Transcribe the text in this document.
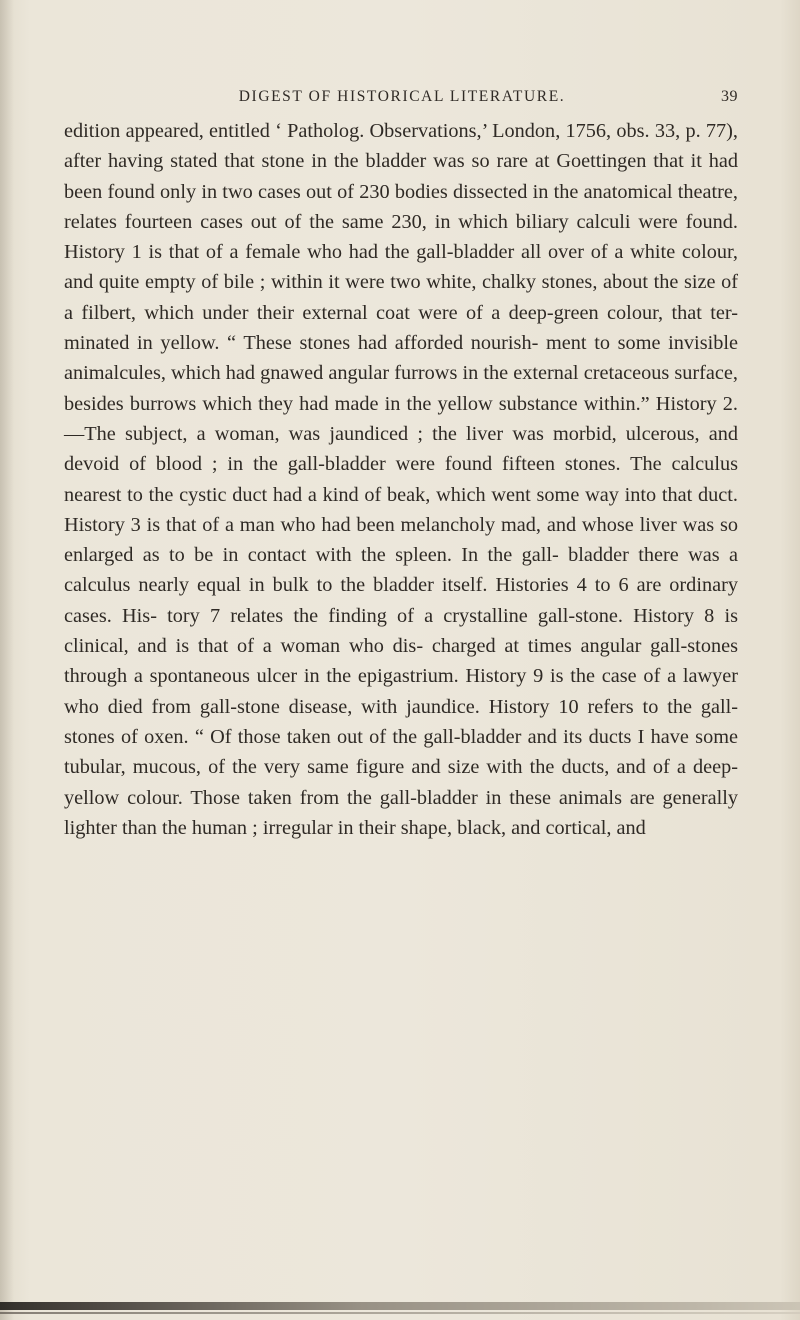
DIGEST OF HISTORICAL LITERATURE.	39

edition appeared, entitled ‘ Patholog. Observations,’ London, 1756, obs. 33, p. 77), after having stated that stone in the bladder was so rare at Goettingen that it had been found only in two cases out of 230 bodies dissected in the anatomical theatre, relates fourteen cases out of the same 230, in which biliary calculi were found. History 1 is that of a female who had the gall-bladder all over of a white colour, and quite empty of bile ; within it were two white, chalky stones, about the size of a filbert, which under their external coat were of a deep-green colour, that ter- minated in yellow. “ These stones had afforded nourish- ment to some invisible animalcules, which had gnawed angular furrows in the external cretaceous surface, besides burrows which they had made in the yellow substance within.” History 2.—The subject, a woman, was jaundiced ; the liver was morbid, ulcerous, and devoid of blood ; in the gall-bladder were found fifteen stones. The calculus nearest to the cystic duct had a kind of beak, which went some way into that duct. History 3 is that of a man who had been melancholy mad, and whose liver was so enlarged as to be in contact with the spleen. In the gall- bladder there was a calculus nearly equal in bulk to the bladder itself. Histories 4 to 6 are ordinary cases. His- tory 7 relates the finding of a crystalline gall-stone. History 8 is clinical, and is that of a woman who dis- charged at times angular gall-stones through a spontaneous ulcer in the epigastrium. History 9 is the case of a lawyer who died from gall-stone disease, with jaundice. History 10 refers to the gall-stones of oxen. “ Of those taken out of the gall-bladder and its ducts I have some tubular, mucous, of the very same figure and size with the ducts, and of a deep-yellow colour. Those taken from the gall-bladder in these animals are generally lighter than the human ; irregular in their shape, black, and cortical, and
